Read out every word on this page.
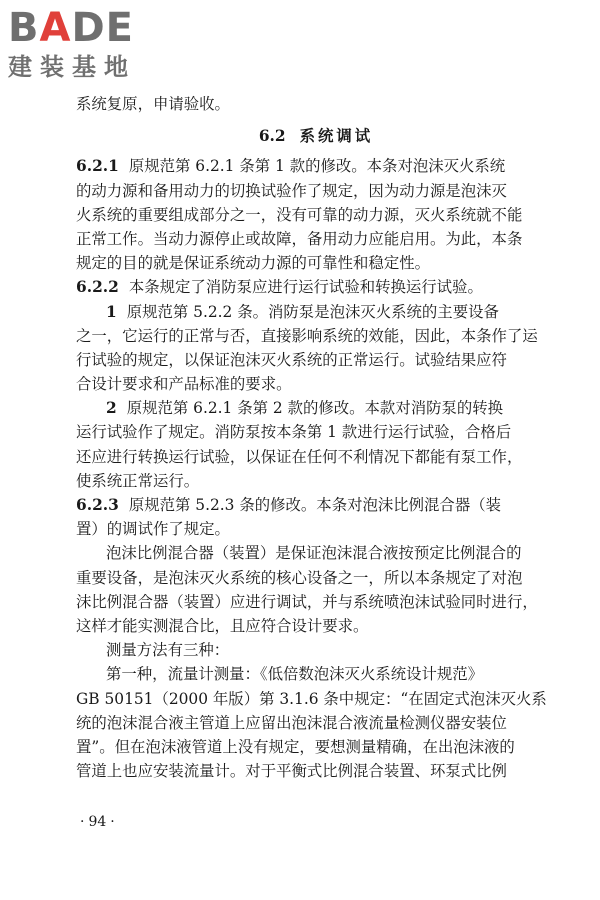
BADE
建装基地
系统复原，申请验收。
6.2 系统调试
6.2.1 原规范第 6.2.1 条第 1 款的修改。本条对泡沫灭火系统
的动力源和备用动力的切换试验作了规定，因为动力源是泡沫灭
火系统的重要组成部分之一，没有可靠的动力源，灭火系统就不能
正常工作。当动力源停止或故障，备用动力应能启用。为此，本条
规定的目的就是保证系统动力源的可靠性和稳定性。
6.2.2 本条规定了消防泵应进行运行试验和转换运行试验。
1 原规范第 5.2.2 条。消防泵是泡沫灭火系统的主要设备
之一，它运行的正常与否，直接影响系统的效能，因此，本条作了运
行试验的规定，以保证泡沫灭火系统的正常运行。试验结果应符
合设计要求和产品标准的要求。
2 原规范第 6.2.1 条第 2 款的修改。本款对消防泵的转换
运行试验作了规定。消防泵按本条第 1 款进行运行试验，合格后
还应进行转换运行试验，以保证在任何不利情况下都能有泵工作，
使系统正常运行。
6.2.3 原规范第 5.2.3 条的修改。本条对泡沫比例混合器（装
置）的调试作了规定。
泡沫比例混合器（装置）是保证泡沫混合液按预定比例混合的
重要设备，是泡沫灭火系统的核心设备之一，所以本条规定了对泡
沫比例混合器（装置）应进行调试，并与系统喷泡沫试验同时进行，
这样才能实测混合比，且应符合设计要求。
测量方法有三种：
第一种，流量计测量：《低倍数泡沫灭火系统设计规范》
GB 50151（2000 年版）第 3.1.6 条中规定：“在固定式泡沫灭火系
统的泡沫混合液主管道上应留出泡沫混合液流量检测仪器安装位
置”。但在泡沫液管道上没有规定，要想测量精确，在出泡沫液的
管道上也应安装流量计。对于平衡式比例混合装置、环泵式比例
· 94 ·
